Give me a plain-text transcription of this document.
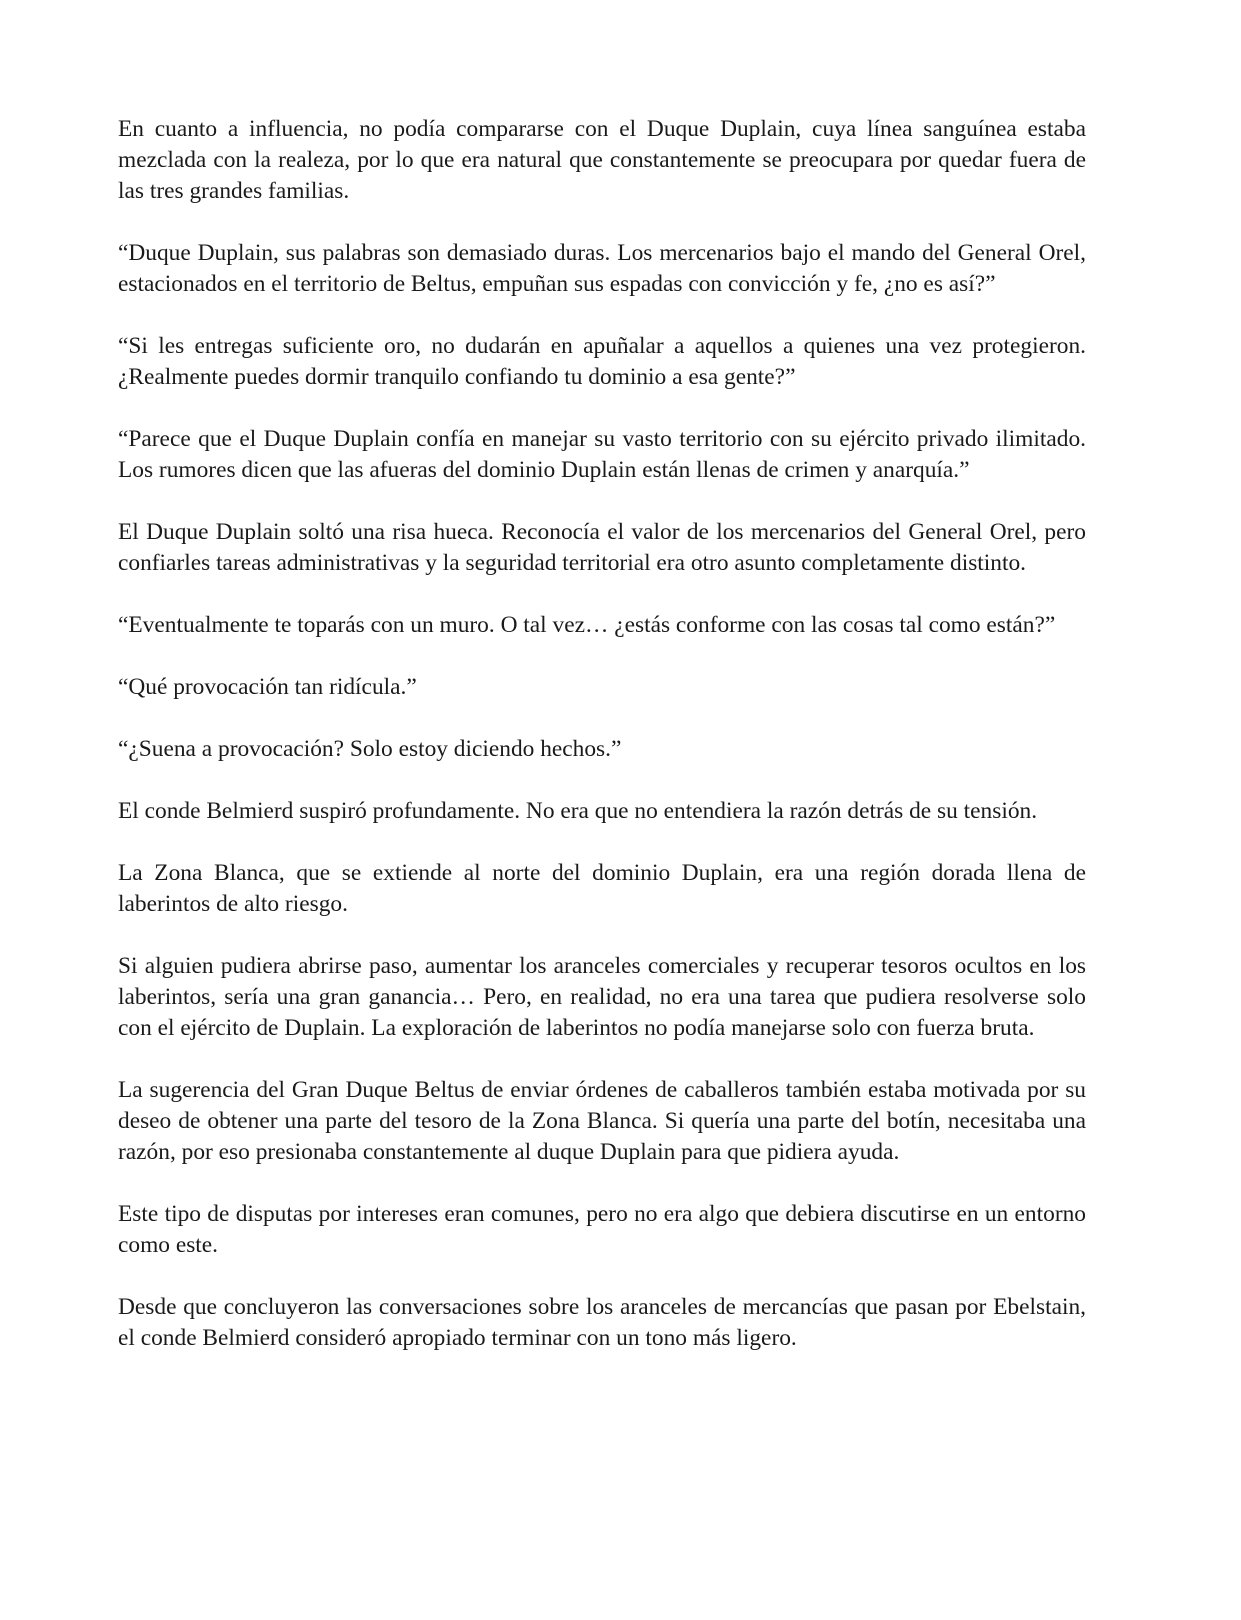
En cuanto a influencia, no podía compararse con el Duque Duplain, cuya línea sanguínea estaba mezclada con la realeza, por lo que era natural que constantemente se preocupara por quedar fuera de las tres grandes familias.

“Duque Duplain, sus palabras son demasiado duras. Los mercenarios bajo el mando del General Orel, estacionados en el territorio de Beltus, empuñan sus espadas con convicción y fe, ¿no es así?”

“Si les entregas suficiente oro, no dudarán en apuñalar a aquellos a quienes una vez protegieron. ¿Realmente puedes dormir tranquilo confiando tu dominio a esa gente?”

“Parece que el Duque Duplain confía en manejar su vasto territorio con su ejército privado ilimitado. Los rumores dicen que las afueras del dominio Duplain están llenas de crimen y anarquía.”

El Duque Duplain soltó una risa hueca. Reconocía el valor de los mercenarios del General Orel, pero confiarles tareas administrativas y la seguridad territorial era otro asunto completamente distinto.

“Eventualmente te toparás con un muro. O tal vez… ¿estás conforme con las cosas tal como están?”

“Qué provocación tan ridícula.”

“¿Suena a provocación? Solo estoy diciendo hechos.”

El conde Belmierd suspiró profundamente. No era que no entendiera la razón detrás de su tensión.

La Zona Blanca, que se extiende al norte del dominio Duplain, era una región dorada llena de laberintos de alto riesgo.

Si alguien pudiera abrirse paso, aumentar los aranceles comerciales y recuperar tesoros ocultos en los laberintos, sería una gran ganancia… Pero, en realidad, no era una tarea que pudiera resolverse solo con el ejército de Duplain. La exploración de laberintos no podía manejarse solo con fuerza bruta.

La sugerencia del Gran Duque Beltus de enviar órdenes de caballeros también estaba motivada por su deseo de obtener una parte del tesoro de la Zona Blanca. Si quería una parte del botín, necesitaba una razón, por eso presionaba constantemente al duque Duplain para que pidiera ayuda.

Este tipo de disputas por intereses eran comunes, pero no era algo que debiera discutirse en un entorno como este.

Desde que concluyeron las conversaciones sobre los aranceles de mercancías que pasan por Ebelstain, el conde Belmierd consideró apropiado terminar con un tono más ligero.
